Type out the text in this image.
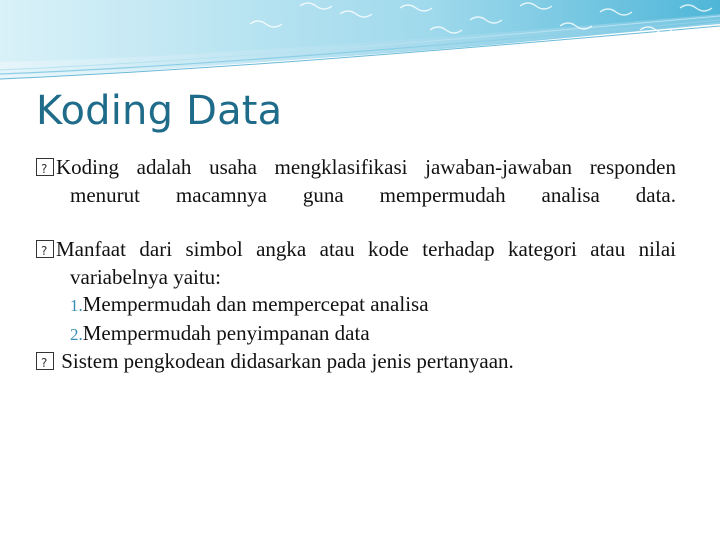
Koding Data

?Koding adalah usaha mengklasifikasi jawaban-jawaban responden menurut macamnya guna mempermudah analisa data.

?Manfaat dari simbol angka atau kode terhadap kategori atau nilai variabelnya yaitu:

1.Mempermudah dan mempercepat analisa

2.Mempermudah penyimpanan data

? Sistem pengkodean didasarkan pada jenis pertanyaan.
